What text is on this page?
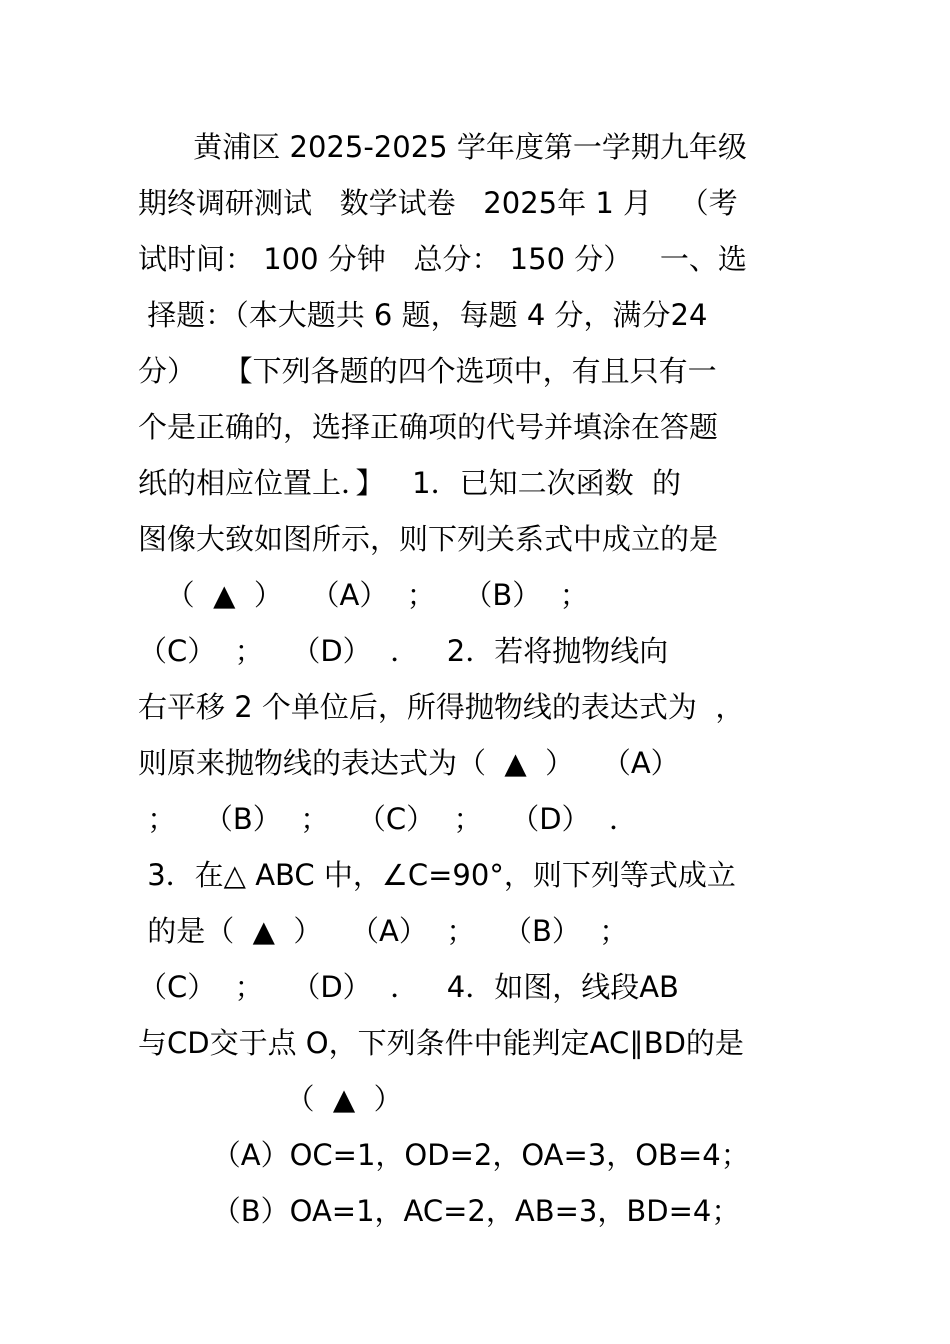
黄浦区 2025-2025 学年度第一学期九年级
期终调研测试   数学试卷   2025年 1 月   （考
试时间： 100 分钟   总分： 150 分）   一、选
择题：（本大题共 6 题，每题 4 分，满分24
分）   【下列各题的四个选项中，有且只有一
个是正确的，选择正确项的代号并填涂在答题
纸的相应位置上．】   1．已知二次函数  的
图像大致如图所示，则下列关系式中成立的是
（  ▲  ）   （A）  ；   （B）  ；
（C）  ；   （D）  ．   2．若将抛物线向
右平移 2 个单位后，所得抛物线的表达式为  ，
则原来抛物线的表达式为（  ▲  ）   （A）
；   （B）  ；   （C）  ；   （D）  ．
3．在△ ABC 中，∠C=90°，则下列等式成立
的是（  ▲  ）   （A）  ；   （B）  ；
（C）  ；   （D）  ．   4．如图，线段AB
与CD交于点 O，下列条件中能判定AC∥BD的是
（  ▲  ）
（A）OC=1，OD=2，OA=3，OB=4；
（B）OA=1，AC=2，AB=3，BD=4；
